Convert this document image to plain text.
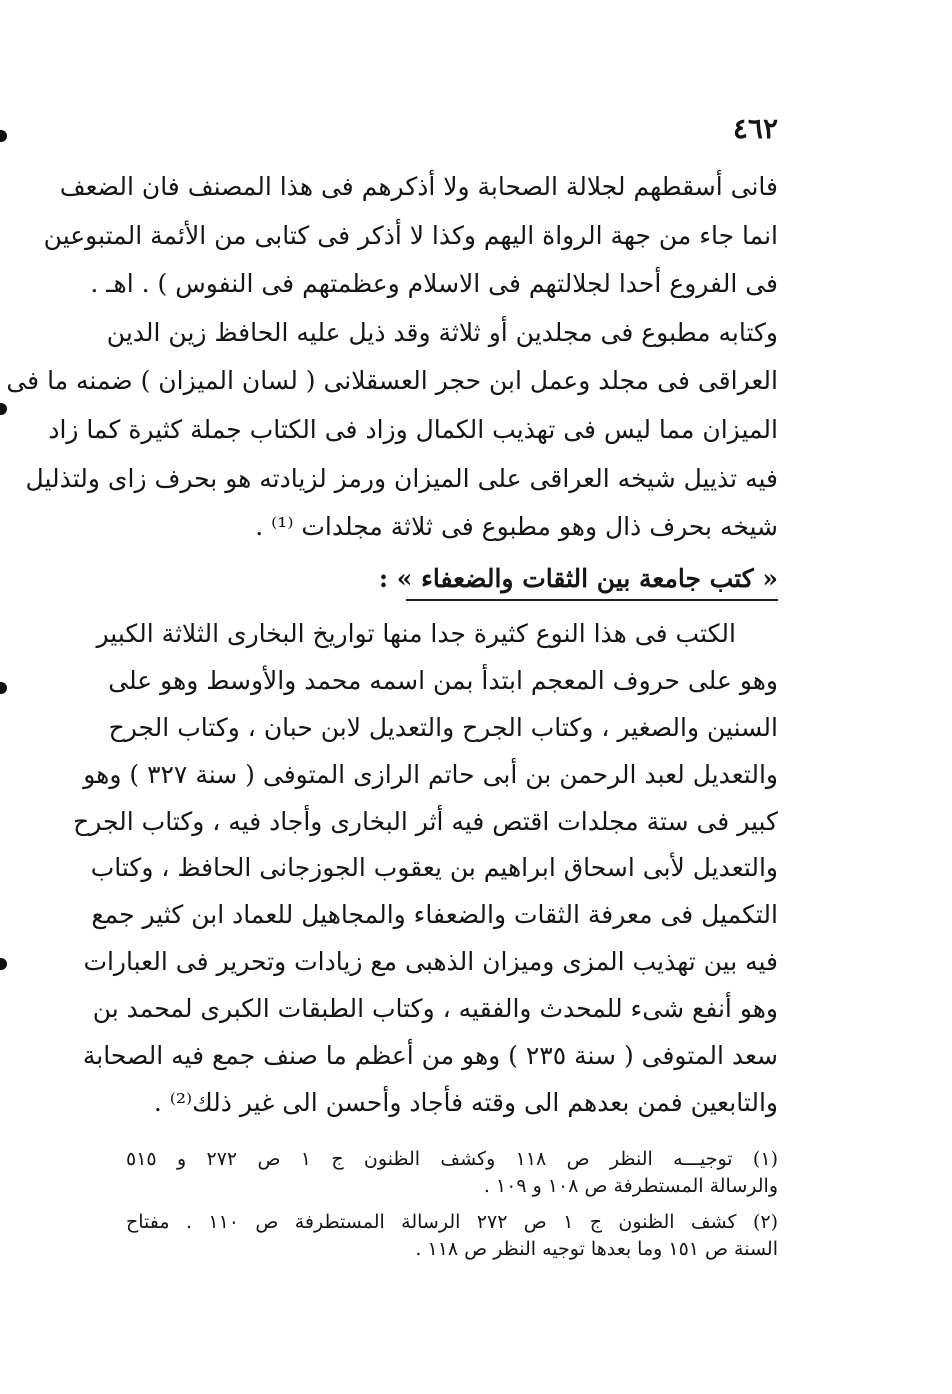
٤٦٢
فانى أسقطهم لجلالة الصحابة ولا أذكرهم فى هذا المصنف فان الضعف
انما جاء من جهة الرواة اليهم وكذا لا أذكر فى كتابى من الأئمة المتبوعين
فى الفروع أحدا لجلالتهم فى الاسلام وعظمتهم فى النفوس ) . اهـ .
وكتابه مطبوع فى مجلدين أو ثلاثة وقد ذيل عليه الحافظ زين الدين
العراقى فى مجلد وعمل ابن حجر العسقلانى ( لسان الميزان ) ضمنه ما فى
الميزان مما ليس فى تهذيب الكمال وزاد فى الكتاب جملة كثيرة كما زاد
فيه تذييل شيخه العراقى على الميزان ورمز لزيادته هو بحرف زاى ولتذليل
شيخه بحرف ذال وهو مطبوع فى ثلاثة مجلدات ⁽¹⁾ .
« كتب جامعة بين الثقات والضعفاء » :
الكتب فى هذا النوع كثيرة جدا منها تواريخ البخارى الثلاثة الكبير
وهو على حروف المعجم ابتدأ بمن اسمه محمد والأوسط وهو على
السنين والصغير ، وكتاب الجرح والتعديل لابن حبان ، وكتاب الجرح
والتعديل لعبد الرحمن بن أبى حاتم الرازى المتوفى ( سنة ٣٢٧ ) وهو
كبير فى ستة مجلدات اقتص فيه أثر البخارى وأجاد فيه ، وكتاب الجرح
والتعديل لأبى اسحاق ابراهيم بن يعقوب الجوزجانى الحافظ ، وكتاب
التكميل فى معرفة الثقات والضعفاء والمجاهيل للعماد ابن كثير جمع
فيه بين تهذيب المزى وميزان الذهبى مع زيادات وتحرير فى العبارات
وهو أنفع شىء للمحدث والفقيه ، وكتاب الطبقات الكبرى لمحمد بن
سعد المتوفى ( سنة ٢٣٥ ) وهو من أعظم ما صنف جمع فيه الصحابة
والتابعين فمن بعدهم الى وقته فأجاد وأحسن الى غير ذلك⁽²⁾ .
(١) توجيـــه النظر ص ١١٨ وكشف الظنون ج ١ ص ٢٧٢ و ٥١٥
والرسالة المستطرفة ص ١٠٨ و ١٠٩ .
(٢) كشف الظنون ج ١ ص ٢٧٢ الرسالة المستطرفة ص ١١٠ . مفتاح
السنة ص ١٥١ وما بعدها توجيه النظر ص ١١٨ .
